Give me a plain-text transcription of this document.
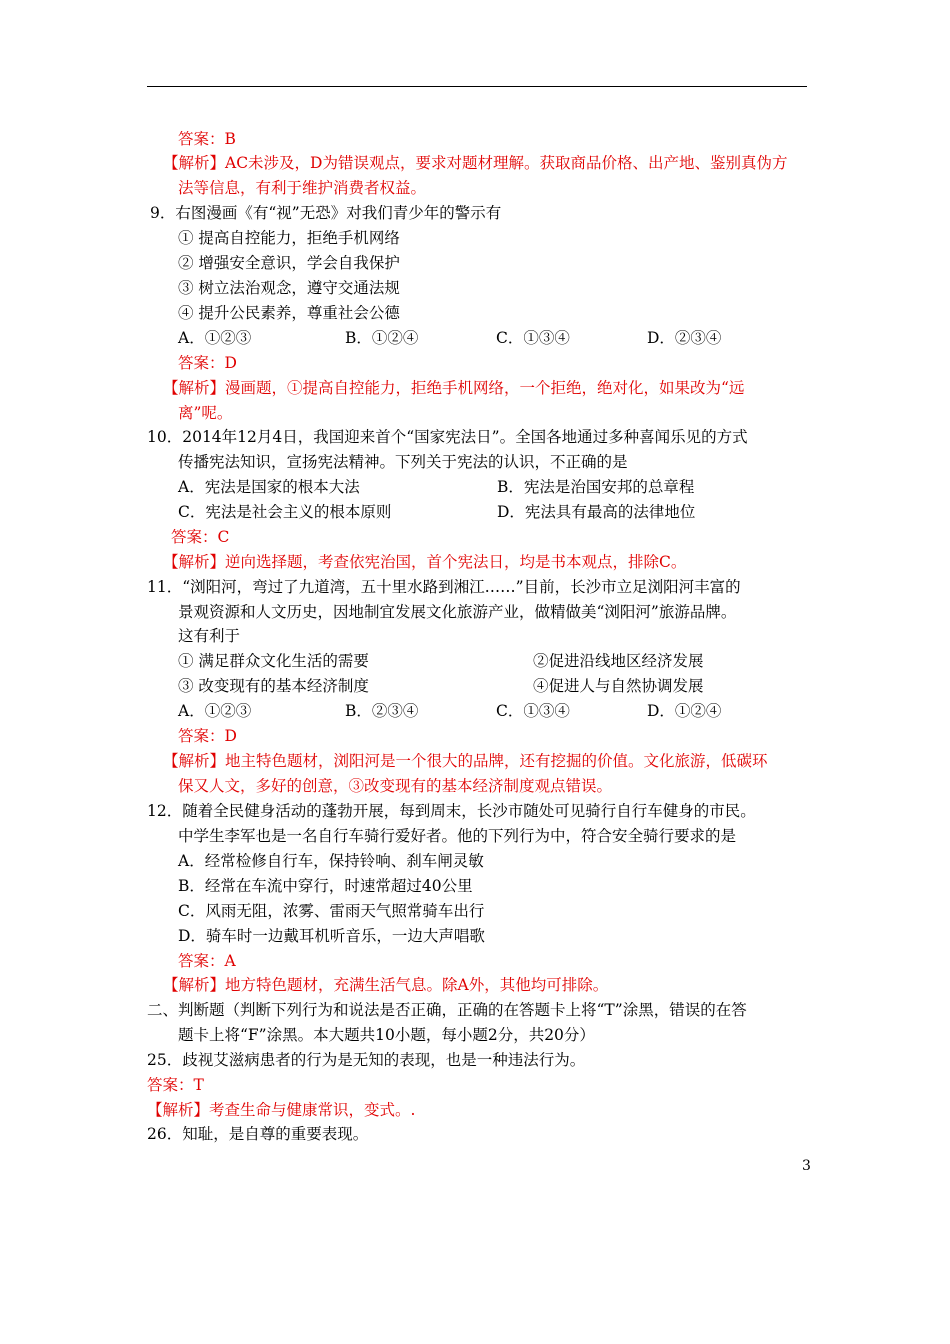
答案：B
【解析】AC未涉及，D为错误观点，要求对题材理解。获取商品价格、出产地、鉴别真伪方
法等信息，有利于维护消费者权益。
9．右图漫画《有“视”无恐》对我们青少年的警示有
① 提高自控能力，拒绝手机网络
② 增强安全意识，学会自我保护
③ 树立法治观念，遵守交通法规
④ 提升公民素养，尊重社会公德
A．①②③	B．①②④	C．①③④	D．②③④
答案：D
【解析】漫画题，①提高自控能力，拒绝手机网络，一个拒绝，绝对化，如果改为“远
离”呢。
10．2014年12月4日，我国迎来首个“国家宪法日”。全国各地通过多种喜闻乐见的方式
传播宪法知识，宣扬宪法精神。下列关于宪法的认识，不正确的是
A．宪法是国家的根本大法	B．宪法是治国安邦的总章程
C．宪法是社会主义的根本原则	D．宪法具有最高的法律地位
答案：C
【解析】逆向选择题，考查依宪治国，首个宪法日，均是书本观点，排除C。
11．“浏阳河，弯过了九道湾，五十里水路到湘江……”目前，长沙市立足浏阳河丰富的
景观资源和人文历史，因地制宜发展文化旅游产业，做精做美“浏阳河”旅游品牌。
这有利于
① 满足群众文化生活的需要	②促进沿线地区经济发展
③ 改变现有的基本经济制度	④促进人与自然协调发展
A．①②③	B．②③④	C．①③④	D．①②④
答案：D
【解析】地主特色题材，浏阳河是一个很大的品牌，还有挖掘的价值。文化旅游，低碳环
保又人文，多好的创意，③改变现有的基本经济制度观点错误。
12．随着全民健身活动的蓬勃开展，每到周末，长沙市随处可见骑行自行车健身的市民。
中学生李军也是一名自行车骑行爱好者。他的下列行为中，符合安全骑行要求的是
A．经常检修自行车，保持铃响、刹车闸灵敏
B．经常在车流中穿行，时速常超过40公里
C．风雨无阻，浓雾、雷雨天气照常骑车出行
D．骑车时一边戴耳机听音乐，一边大声唱歌
答案：A
【解析】地方特色题材，充满生活气息。除A外，其他均可排除。
二、判断题（判断下列行为和说法是否正确，正确的在答题卡上将“T”涂黑，错误的在答
题卡上将“F”涂黑。本大题共10小题，每小题2分，共20分）
25．歧视艾滋病患者的行为是无知的表现，也是一种违法行为。
答案：T
【解析】考查生命与健康常识，变式。.
26．知耻，是自尊的重要表现。
3
